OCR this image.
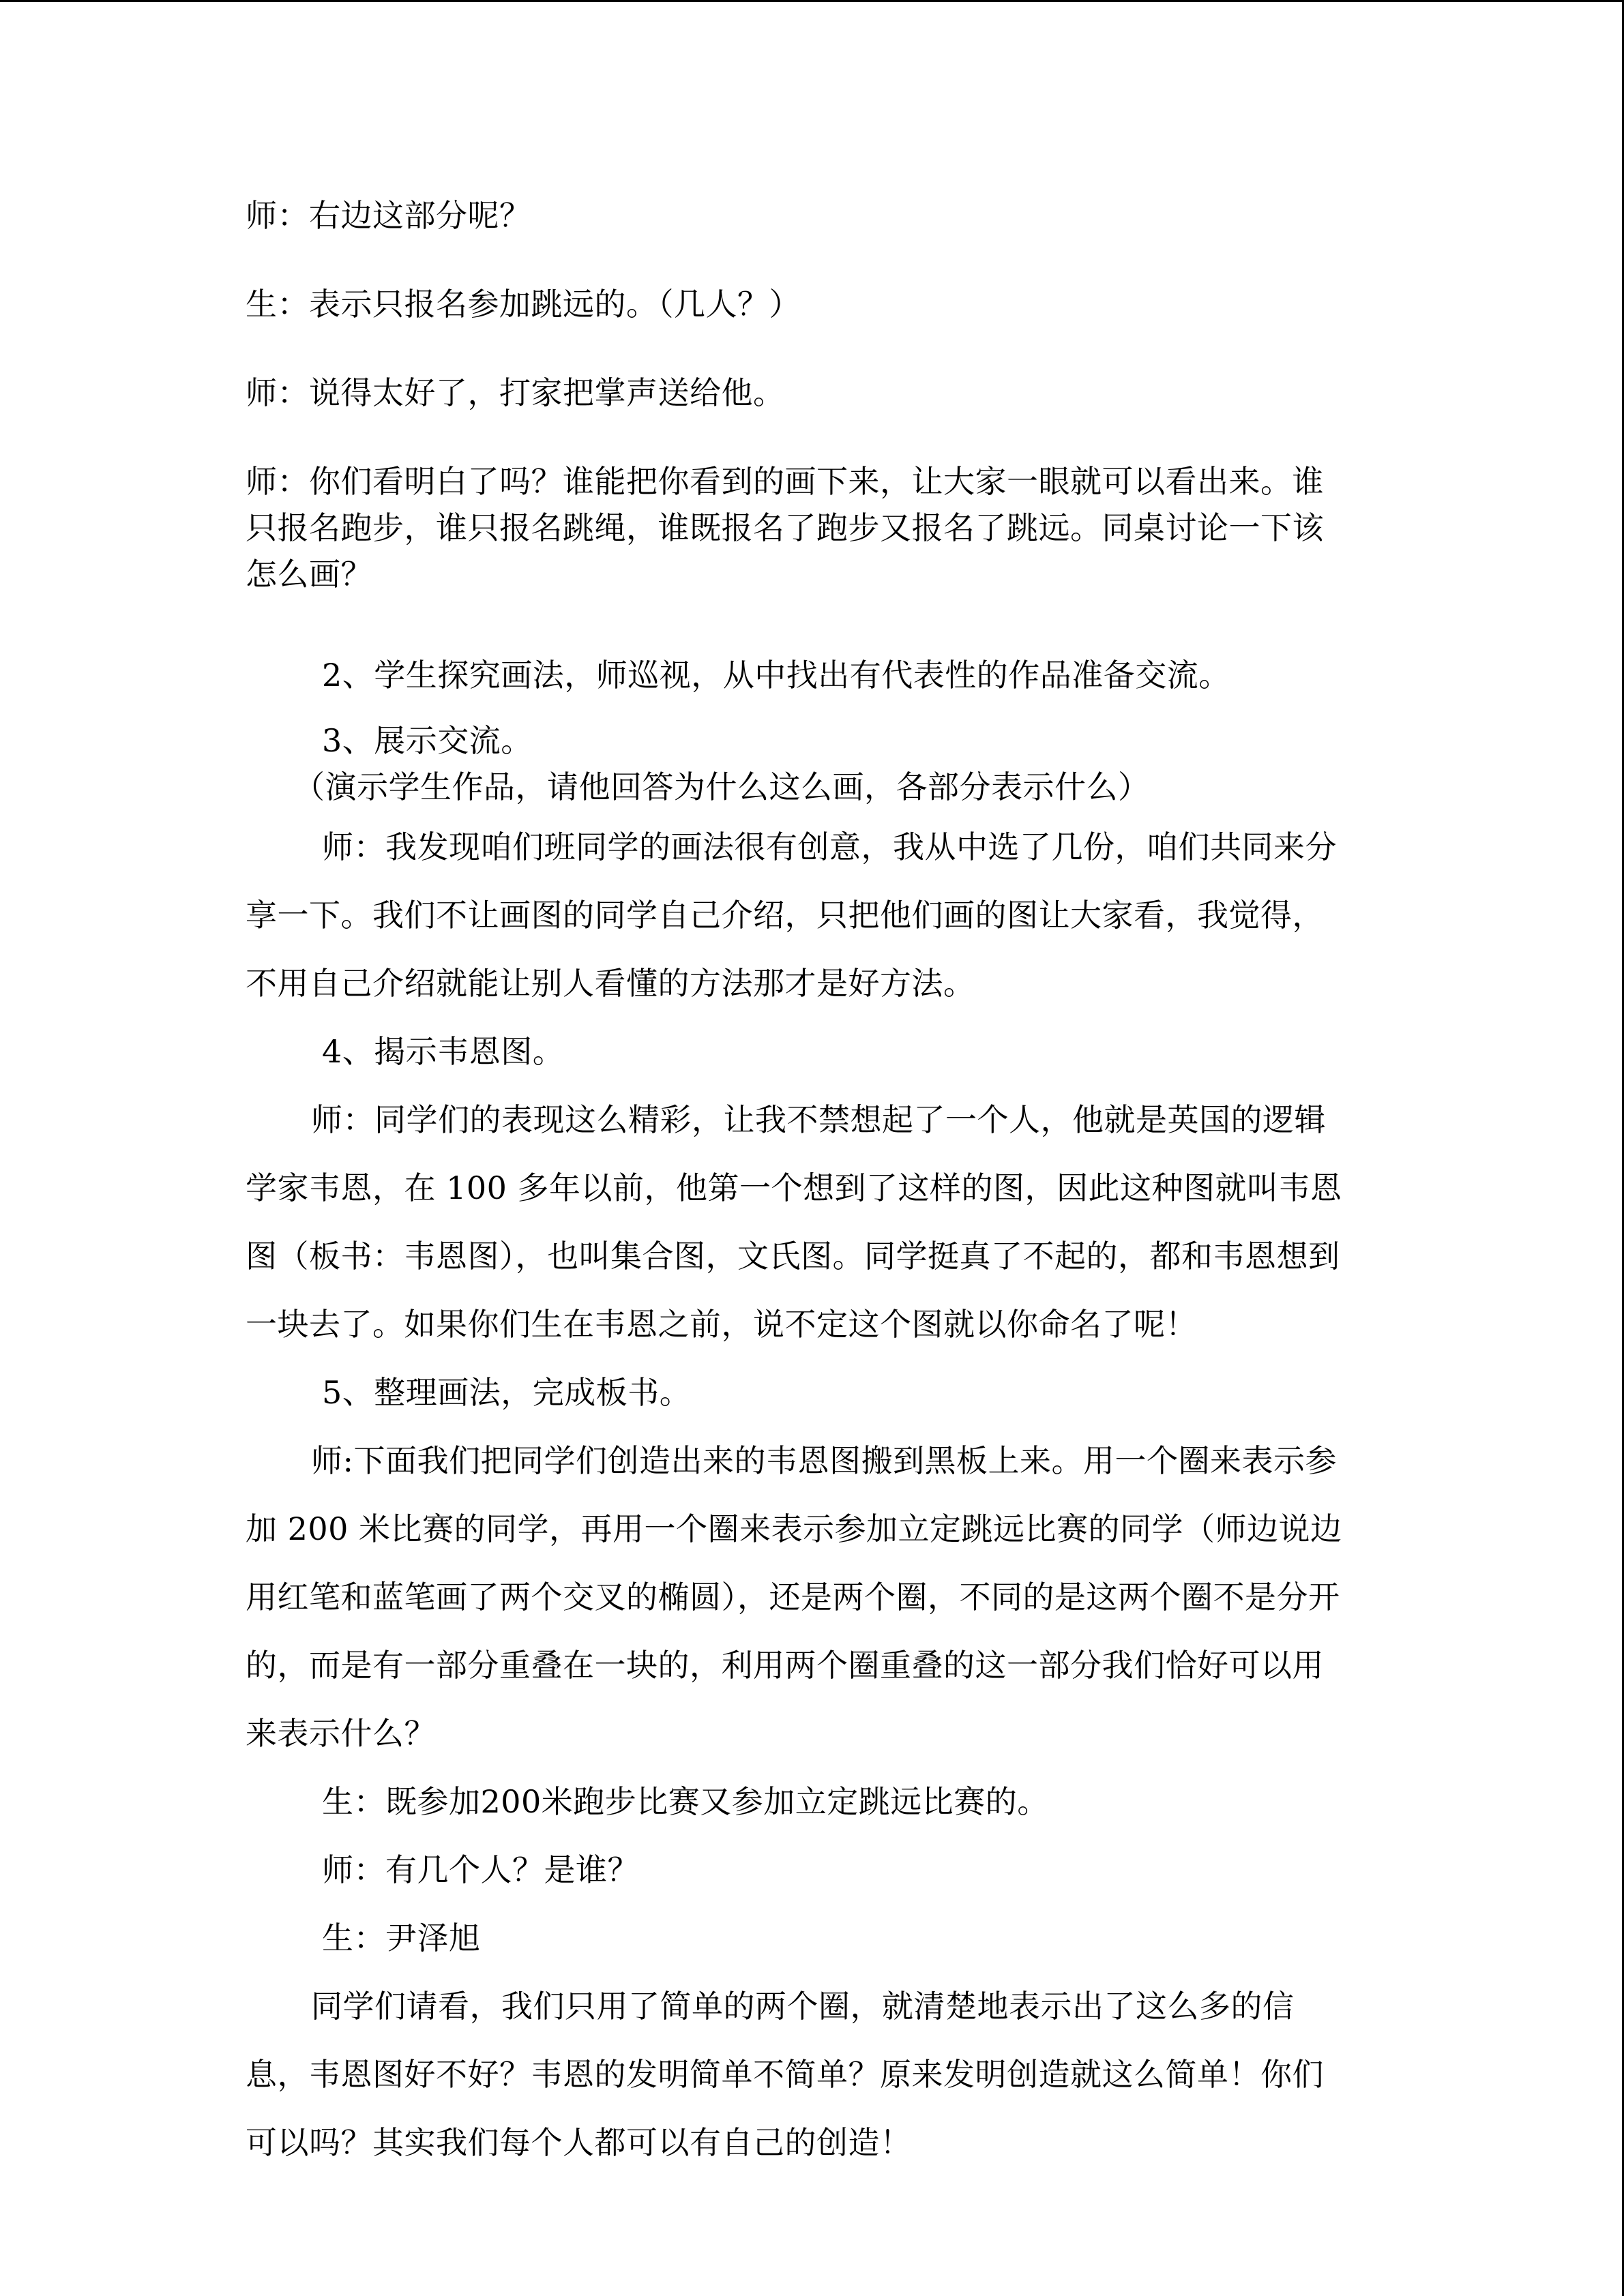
师：右边这部分呢？

生：表示只报名参加跳远的。（几人？）

师：说得太好了，打家把掌声送给他。

师：你们看明白了吗？谁能把你看到的画下来，让大家一眼就可以看出来。谁

只报名跑步，谁只报名跳绳，谁既报名了跑步又报名了跳远。同桌讨论一下该

怎么画？

2、学生探究画法，师巡视，从中找出有代表性的作品准备交流。

3、展示交流。

（演示学生作品，请他回答为什么这么画，各部分表示什么）

师：我发现咱们班同学的画法很有创意，我从中选了几份，咱们共同来分

享一下。我们不让画图的同学自己介绍，只把他们画的图让大家看，我觉得，

不用自己介绍就能让别人看懂的方法那才是好方法。

4、揭示韦恩图。

师：同学们的表现这么精彩，让我不禁想起了一个人，他就是英国的逻辑

学家韦恩，在 100 多年以前，他第一个想到了这样的图，因此这种图就叫韦恩

图（板书：韦恩图），也叫集合图，文氏图。同学挺真了不起的，都和韦恩想到

一块去了。如果你们生在韦恩之前，说不定这个图就以你命名了呢！

5、整理画法，完成板书。

师:下面我们把同学们创造出来的韦恩图搬到黑板上来。用一个圈来表示参

加 200 米比赛的同学，再用一个圈来表示参加立定跳远比赛的同学（师边说边

用红笔和蓝笔画了两个交叉的椭圆），还是两个圈，不同的是这两个圈不是分开

的，而是有一部分重叠在一块的，利用两个圈重叠的这一部分我们恰好可以用

来表示什么？

生：既参加200米跑步比赛又参加立定跳远比赛的。

师：有几个人？是谁？

生：尹泽旭

同学们请看，我们只用了简单的两个圈，就清楚地表示出了这么多的信

息，韦恩图好不好？韦恩的发明简单不简单？原来发明创造就这么简单！你们

可以吗？其实我们每个人都可以有自己的创造！
